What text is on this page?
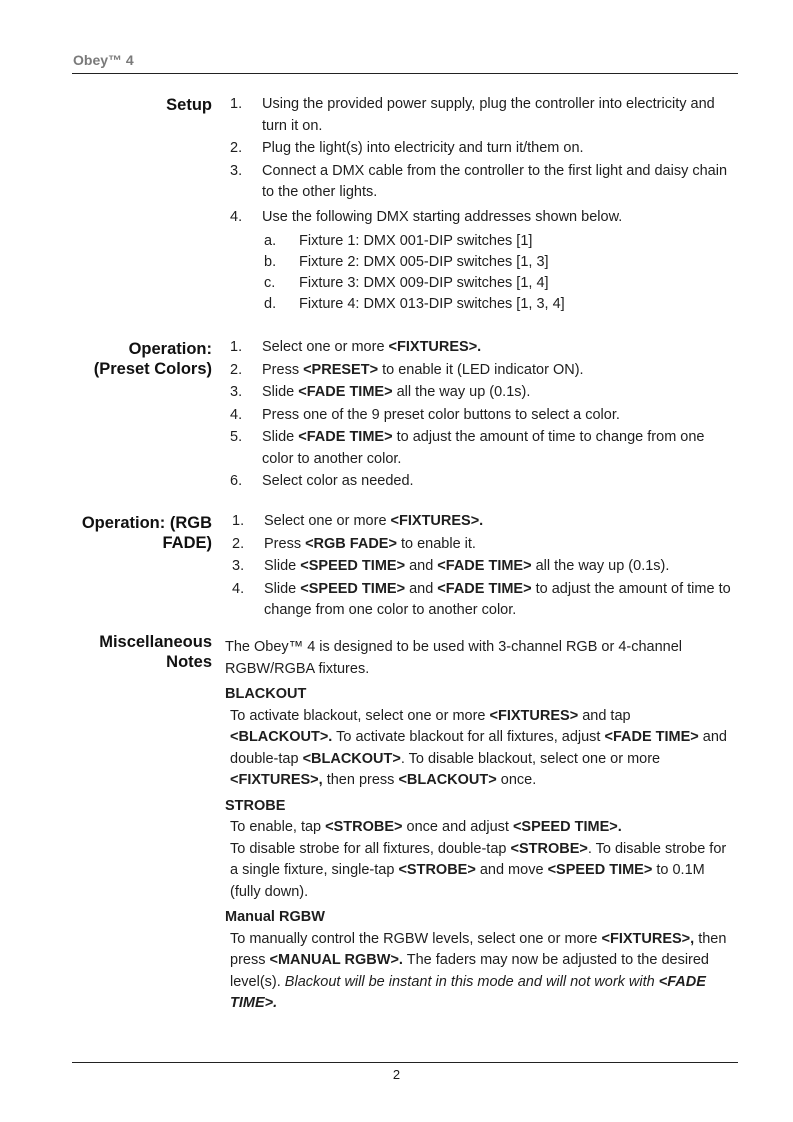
Obey™ 4
Setup 1. Using the provided power supply, plug the controller into electricity and turn it on.
2. Plug the light(s) into electricity and turn it/them on.
3. Connect a DMX cable from the controller to the first light and daisy chain to the other lights.
4. Use the following DMX starting addresses shown below.
a. Fixture 1: DMX 001-DIP switches [1]
b. Fixture 2: DMX 005-DIP switches [1, 3]
c. Fixture 3: DMX 009-DIP switches [1, 4]
d. Fixture 4: DMX 013-DIP switches [1, 3, 4]
Operation:
(Preset Colors)
1. Select one or more <FIXTURES>.
2. Press <PRESET> to enable it (LED indicator ON).
3. Slide <FADE TIME> all the way up (0.1s).
4. Press one of the 9 preset color buttons to select a color.
5. Slide <FADE TIME> to adjust the amount of time to change from one color to another color.
6. Select color as needed.
Operation: (RGB
FADE)
1. Select one or more <FIXTURES>.
2. Press <RGB FADE> to enable it.
3. Slide <SPEED TIME> and <FADE TIME> all the way up (0.1s).
4. Slide <SPEED TIME> and <FADE TIME> to adjust the amount of time to change from one color to another color.
Miscellaneous
Notes
The Obey™ 4 is designed to be used with 3-channel RGB or 4-channel RGBW/RGBA fixtures.
BLACKOUT
To activate blackout, select one or more <FIXTURES> and tap <BLACKOUT>. To activate blackout for all fixtures, adjust <FADE TIME> and double-tap <BLACKOUT>. To disable blackout, select one or more <FIXTURES>, then press <BLACKOUT> once.
STROBE
To enable, tap <STROBE> once and adjust <SPEED TIME>.
To disable strobe for all fixtures, double-tap <STROBE>. To disable strobe for a single fixture, single-tap <STROBE> and move <SPEED TIME> to 0.1M (fully down).
Manual RGBW
To manually control the RGBW levels, select one or more <FIXTURES>, then press <MANUAL RGBW>. The faders may now be adjusted to the desired level(s). Blackout will be instant in this mode and will not work with <FADE TIME>.
2
